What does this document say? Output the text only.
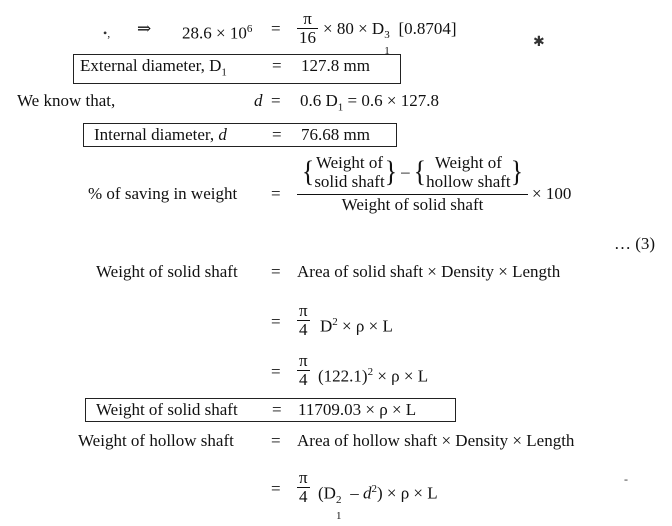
•,
✱
-
⇒ $28.6 \times 10^6 = \frac{\pi}{16} \times 80 \times D$ 3
1
[0.8704]
External diameter, $D_1$	= 127.8 mm
We know that,	d = 0.6 $D_1 = 0.6 \times 127.8$
Internal diameter, d	= 76.68 mm
% of saving in weight =
{ Weight of
solid shaft } – { Weight of
hollow shaft }
Weight of solid shaft
× 100
… (3)
Weight of solid shaft = Area of solid shaft × Density × Length
= $\frac{\pi}{4} D^2 \times \rho \times L$
= $\frac{\pi}{4} (122.1)^2 \times \rho \times L$
Weight of solid shaft = 11709.03 × ρ × L
Weight of hollow shaft = Area of hollow shaft × Density × Length
= $\frac{\pi}{4} (D$ 2
1
– $d^2) \times \rho \times L$
